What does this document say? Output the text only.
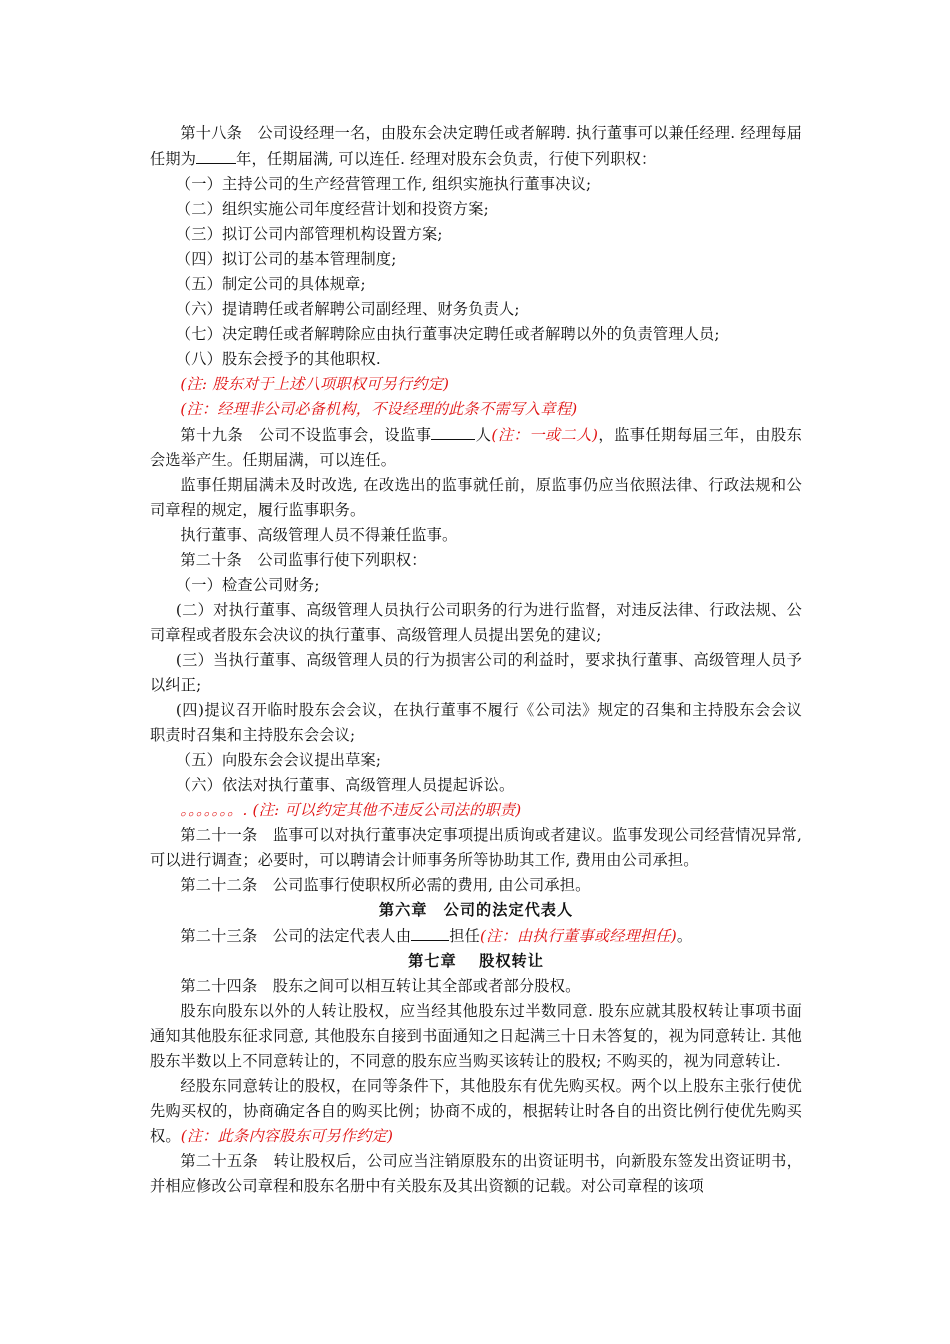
第十八条　公司设经理一名，由股东会决定聘任或者解聘. 执行董事可以兼任经理. 经理每届任期为	年，任期届满, 可以连任. 经理对股东会负责，行使下列职权：

（一）主持公司的生产经营管理工作, 组织实施执行董事决议;

（二）组织实施公司年度经营计划和投资方案;

（三）拟订公司内部管理机构设置方案;

（四）拟订公司的基本管理制度;

（五）制定公司的具体规章;

（六）提请聘任或者解聘公司副经理、财务负责人;

（七）决定聘任或者解聘除应由执行董事决定聘任或者解聘以外的负责管理人员;

（八）股东会授予的其他职权.

(注: 股东对于上述八项职权可另行约定)

(注：经理非公司必备机构，不设经理的此条不需写入章程)

第十九条　公司不设监事会，设监事	人(注：一或二人)，监事任期每届三年，由股东会选举产生。任期届满，可以连任。

监事任期届满未及时改选, 在改选出的监事就任前，原监事仍应当依照法律、行政法规和公司章程的规定，履行监事职务。

执行董事、高级管理人员不得兼任监事。

第二十条　公司监事行使下列职权：

（一）检查公司财务;

(二）对执行董事、高级管理人员执行公司职务的行为进行监督，对违反法律、行政法规、公司章程或者股东会决议的执行董事、高级管理人员提出罢免的建议;

(三）当执行董事、高级管理人员的行为损害公司的利益时，要求执行董事、高级管理人员予以纠正;

(四)提议召开临时股东会会议，在执行董事不履行《公司法》规定的召集和主持股东会会议职责时召集和主持股东会会议;

（五）向股东会会议提出草案;

（六）依法对执行董事、高级管理人员提起诉讼。

。。。。。。。. (注: 可以约定其他不违反公司法的职责)

第二十一条　监事可以对执行董事决定事项提出质询或者建议。监事发现公司经营情况异常, 可以进行调查；必要时，可以聘请会计师事务所等协助其工作, 费用由公司承担。

第二十二条　公司监事行使职权所必需的费用, 由公司承担。

第六章　公司的法定代表人

第二十三条　公司的法定代表人由	担任(注：由执行董事或经理担任)。

第七章　 股权转让

第二十四条　股东之间可以相互转让其全部或者部分股权。

股东向股东以外的人转让股权，应当经其他股东过半数同意. 股东应就其股权转让事项书面通知其他股东征求同意, 其他股东自接到书面通知之日起满三十日未答复的，视为同意转让. 其他股东半数以上不同意转让的，不同意的股东应当购买该转让的股权; 不购买的，视为同意转让.

经股东同意转让的股权，在同等条件下，其他股东有优先购买权。两个以上股东主张行使优先购买权的，协商确定各自的购买比例；协商不成的，根据转让时各自的出资比例行使优先购买权。(注：此条内容股东可另作约定)

第二十五条　转让股权后，公司应当注销原股东的出资证明书，向新股东签发出资证明书，并相应修改公司章程和股东名册中有关股东及其出资额的记载。对公司章程的该项
